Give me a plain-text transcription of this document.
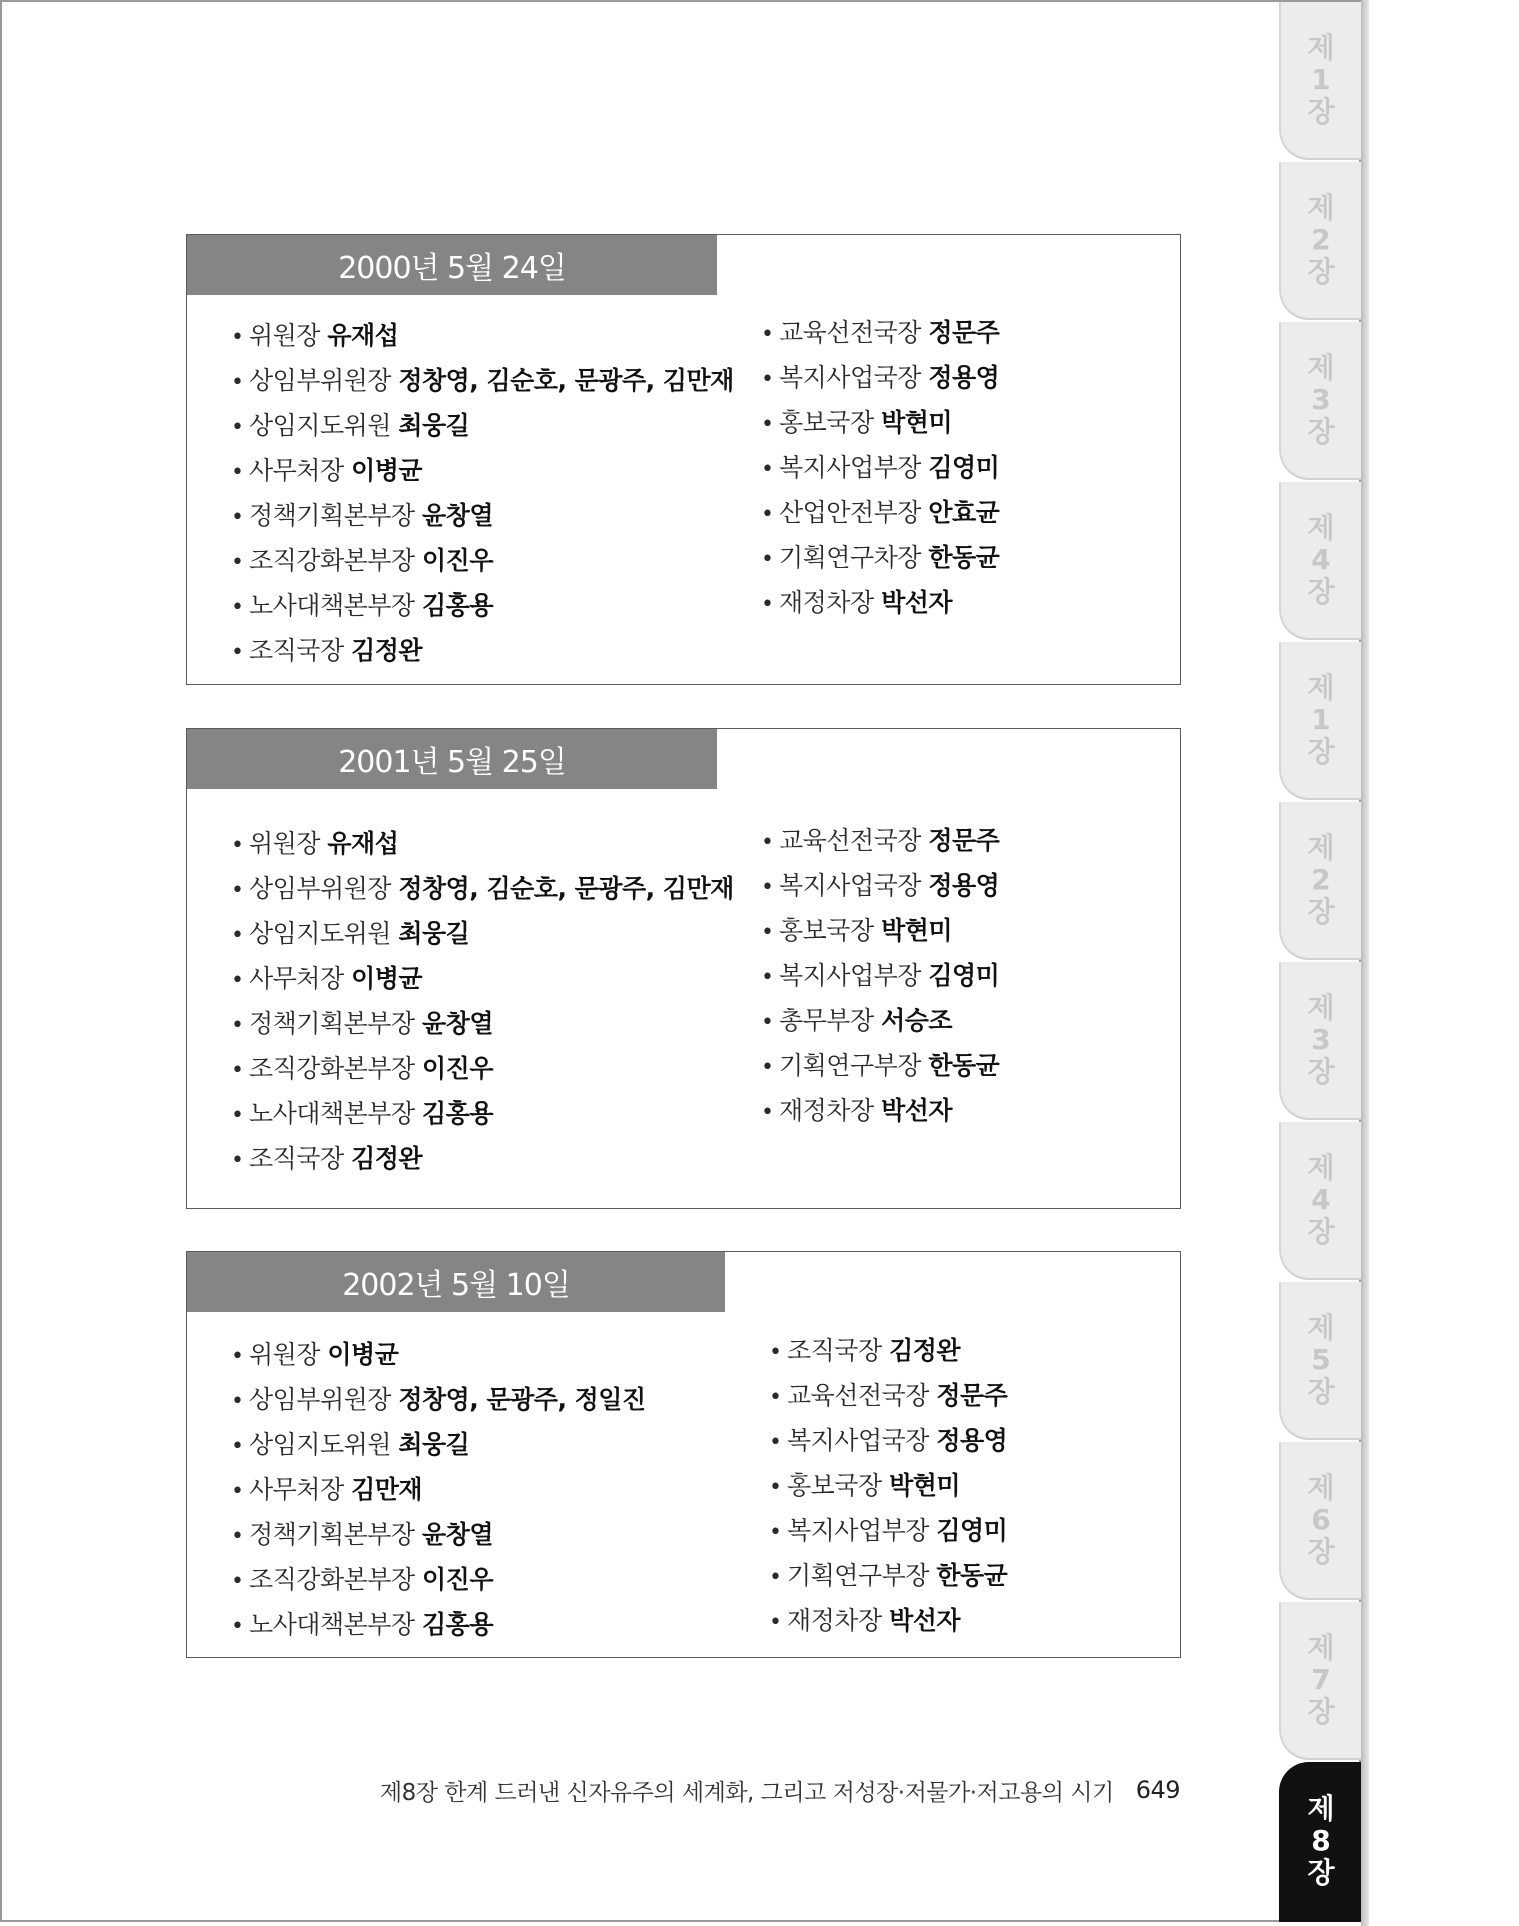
제
1
장
제
2
장
제
3
장
제
4
장
제
1
장
제
2
장
제
3
장
제
4
장
제
5
장
제
6
장
제
7
장
제
8
장
2000년 5월 24일
• 위원장 유재섭
• 상임부위원장 정창영, 김순호, 문광주, 김만재
• 상임지도위원 최웅길
• 사무처장 이병균
• 정책기획본부장 윤창열
• 조직강화본부장 이진우
• 노사대책본부장 김홍용
• 조직국장 김정완
• 교육선전국장 정문주
• 복지사업국장 정용영
• 홍보국장 박현미
• 복지사업부장 김영미
• 산업안전부장 안효균
• 기획연구차장 한동균
• 재정차장 박선자
2001년 5월 25일
• 위원장 유재섭
• 상임부위원장 정창영, 김순호, 문광주, 김만재
• 상임지도위원 최웅길
• 사무처장 이병균
• 정책기획본부장 윤창열
• 조직강화본부장 이진우
• 노사대책본부장 김홍용
• 조직국장 김정완
• 교육선전국장 정문주
• 복지사업국장 정용영
• 홍보국장 박현미
• 복지사업부장 김영미
• 총무부장 서승조
• 기획연구부장 한동균
• 재정차장 박선자
2002년 5월 10일
• 위원장 이병균
• 상임부위원장 정창영, 문광주, 정일진
• 상임지도위원 최웅길
• 사무처장 김만재
• 정책기획본부장 윤창열
• 조직강화본부장 이진우
• 노사대책본부장 김홍용
• 조직국장 김정완
• 교육선전국장 정문주
• 복지사업국장 정용영
• 홍보국장 박현미
• 복지사업부장 김영미
• 기획연구부장 한동균
• 재정차장 박선자
제8장 한계 드러낸 신자유주의 세계화, 그리고 저성장·저물가·저고용의 시기 649
